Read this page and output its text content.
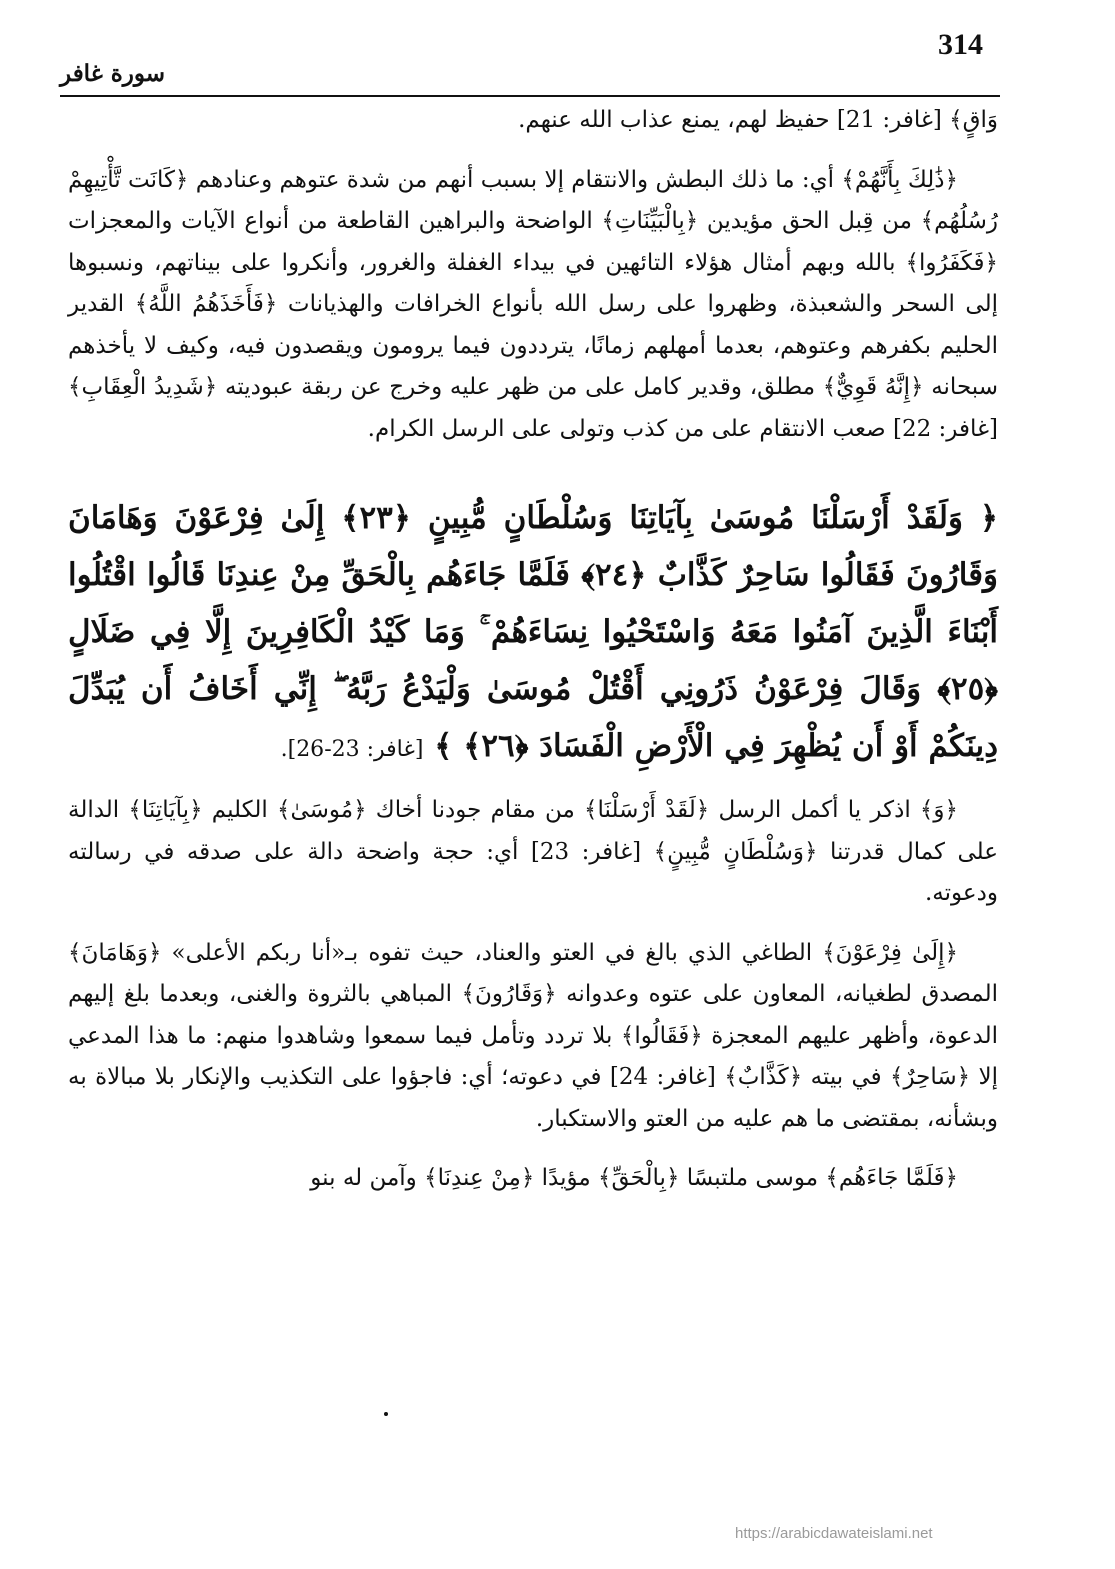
314
سورة غافر

وَاقٍ﴾ [غافر: 21] حفيظ لهم، يمنع عذاب الله عنهم.

﴿ذَٰلِكَ بِأَنَّهُمْ﴾ أي: ما ذلك البطش والانتقام إلا بسبب أنهم من شدة عتوهم وعنادهم ﴿كَانَت تَّأْتِيهِمْ رُسُلُهُم﴾ من قِبل الحق مؤيدين ﴿بِالْبَيِّنَاتِ﴾ الواضحة والبراهين القاطعة من أنواع الآيات والمعجزات ﴿فَكَفَرُوا﴾ بالله وبهم أمثال هؤلاء التائهين في بيداء الغفلة والغرور، وأنكروا على بيناتهم، ونسبوها إلى السحر والشعبذة، وظهروا على رسل الله بأنواع الخرافات والهذيانات ﴿فَأَخَذَهُمُ اللَّهُ﴾ القدير الحليم بكفرهم وعتوهم، بعدما أمهلهم زمانًا، يترددون فيما يرومون ويقصدون فيه، وكيف لا يأخذهم سبحانه ﴿إِنَّهُ قَوِيٌّ﴾ مطلق، وقدير كامل على من ظهر عليه وخرج عن ربقة عبوديته ﴿شَدِيدُ الْعِقَابِ﴾ [غافر: 22] صعب الانتقام على من كذب وتولى على الرسل الكرام.

﴿ وَلَقَدْ أَرْسَلْنَا مُوسَىٰ بِآيَاتِنَا وَسُلْطَانٍ مُّبِينٍ ﴿٢٣﴾ إِلَىٰ فِرْعَوْنَ وَهَامَانَ وَقَارُونَ فَقَالُوا سَاحِرٌ كَذَّابٌ ﴿٢٤﴾ فَلَمَّا جَاءَهُم بِالْحَقِّ مِنْ عِندِنَا قَالُوا اقْتُلُوا أَبْنَاءَ الَّذِينَ آمَنُوا مَعَهُ وَاسْتَحْيُوا نِسَاءَهُمْ ۚ وَمَا كَيْدُ الْكَافِرِينَ إِلَّا فِي ضَلَالٍ ﴿٢٥﴾ وَقَالَ فِرْعَوْنُ ذَرُونِي أَقْتُلْ مُوسَىٰ وَلْيَدْعُ رَبَّهُ ۖ إِنِّي أَخَافُ أَن يُبَدِّلَ دِينَكُمْ أَوْ أَن يُظْهِرَ فِي الْأَرْضِ الْفَسَادَ ﴿٢٦﴾ ﴾ [غافر: 23-26].

﴿وَ﴾ اذكر يا أكمل الرسل ﴿لَقَدْ أَرْسَلْنَا﴾ من مقام جودنا أخاك ﴿مُوسَىٰ﴾ الكليم ﴿بِآيَاتِنَا﴾ الدالة على كمال قدرتنا ﴿وَسُلْطَانٍ مُّبِينٍ﴾ [غافر: 23] أي: حجة واضحة دالة على صدقه في رسالته ودعوته.

﴿إِلَىٰ فِرْعَوْنَ﴾ الطاغي الذي بالغ في العتو والعناد، حيث تفوه بـ«أنا ربكم الأعلى» ﴿وَهَامَانَ﴾ المصدق لطغيانه، المعاون على عتوه وعدوانه ﴿وَقَارُونَ﴾ المباهي بالثروة والغنى، وبعدما بلغ إليهم الدعوة، وأظهر عليهم المعجزة ﴿فَقَالُوا﴾ بلا تردد وتأمل فيما سمعوا وشاهدوا منهم: ما هذا المدعي إلا ﴿سَاحِرٌ﴾ في بيته ﴿كَذَّابٌ﴾ [غافر: 24] في دعوته؛ أي: فاجؤوا على التكذيب والإنكار بلا مبالاة به وبشأنه، بمقتضى ما هم عليه من العتو والاستكبار.

﴿فَلَمَّا جَاءَهُم﴾ موسى ملتبسًا ﴿بِالْحَقِّ﴾ مؤيدًا ﴿مِنْ عِندِنَا﴾ وآمن له بنو

https://arabicdawateislami.net
